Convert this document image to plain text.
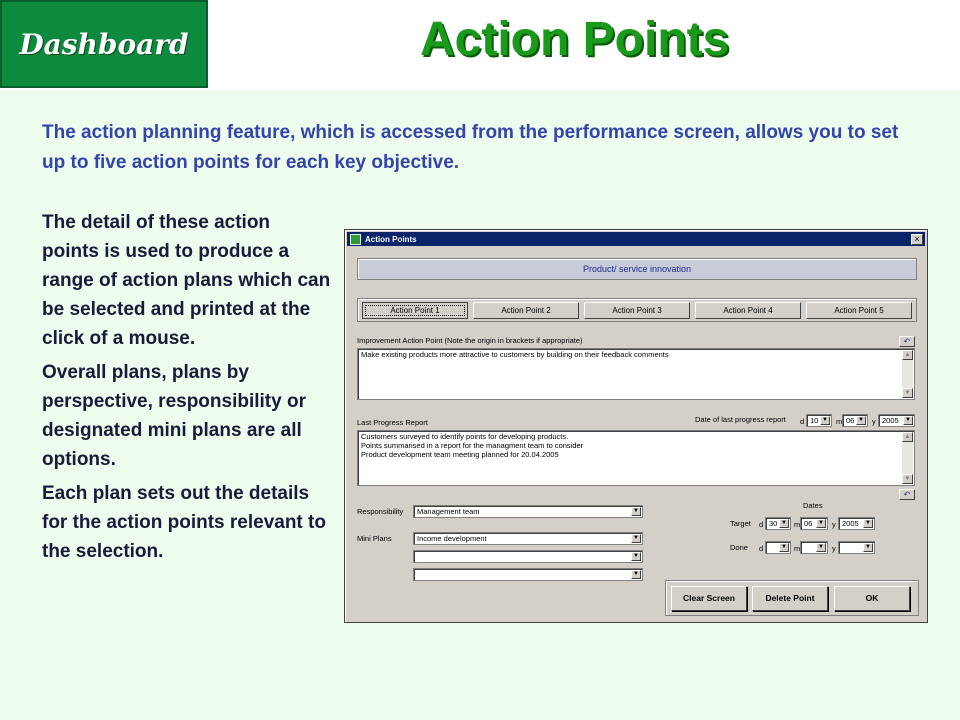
Dashboard	Action Points
The action planning feature, which is accessed from the performance screen, allows you to set up to five action points for each key objective.

The detail of these action points is used to produce a range of action plans which can be selected and printed at the click of a mouse.

Overall plans, plans by perspective, responsibility or designated mini plans are all options.

Each plan sets out the details for the action points relevant to the selection.

Action Points	×
Product/ service innovation
Action Point 1	Action Point 2	Action Point 3	Action Point 4	Action Point 5
Improvement Action Point (Note the origin in brackets if appropriate)	↶
Make existing products more attractive to customers by building on their feedback comments	▲
▼
Last Progress Report	Date of last progress report d 10 ▼ m 06 ▼ y 2005	▼
Customers surveyed to identify points for developing products.
Points summarised in a report for the managment team to consider
Product development team meeting planned for 20.04.2005
▲
▼
↶
Responsibility	Management team	▼
Mini Plans	Income development	▼
▼
▼
Dates
Target d 30 ▼ m 06 ▼ y 2005	▼
Done d	▼ m	▼ y	▼
Clear Screen	Delete Point	OK
